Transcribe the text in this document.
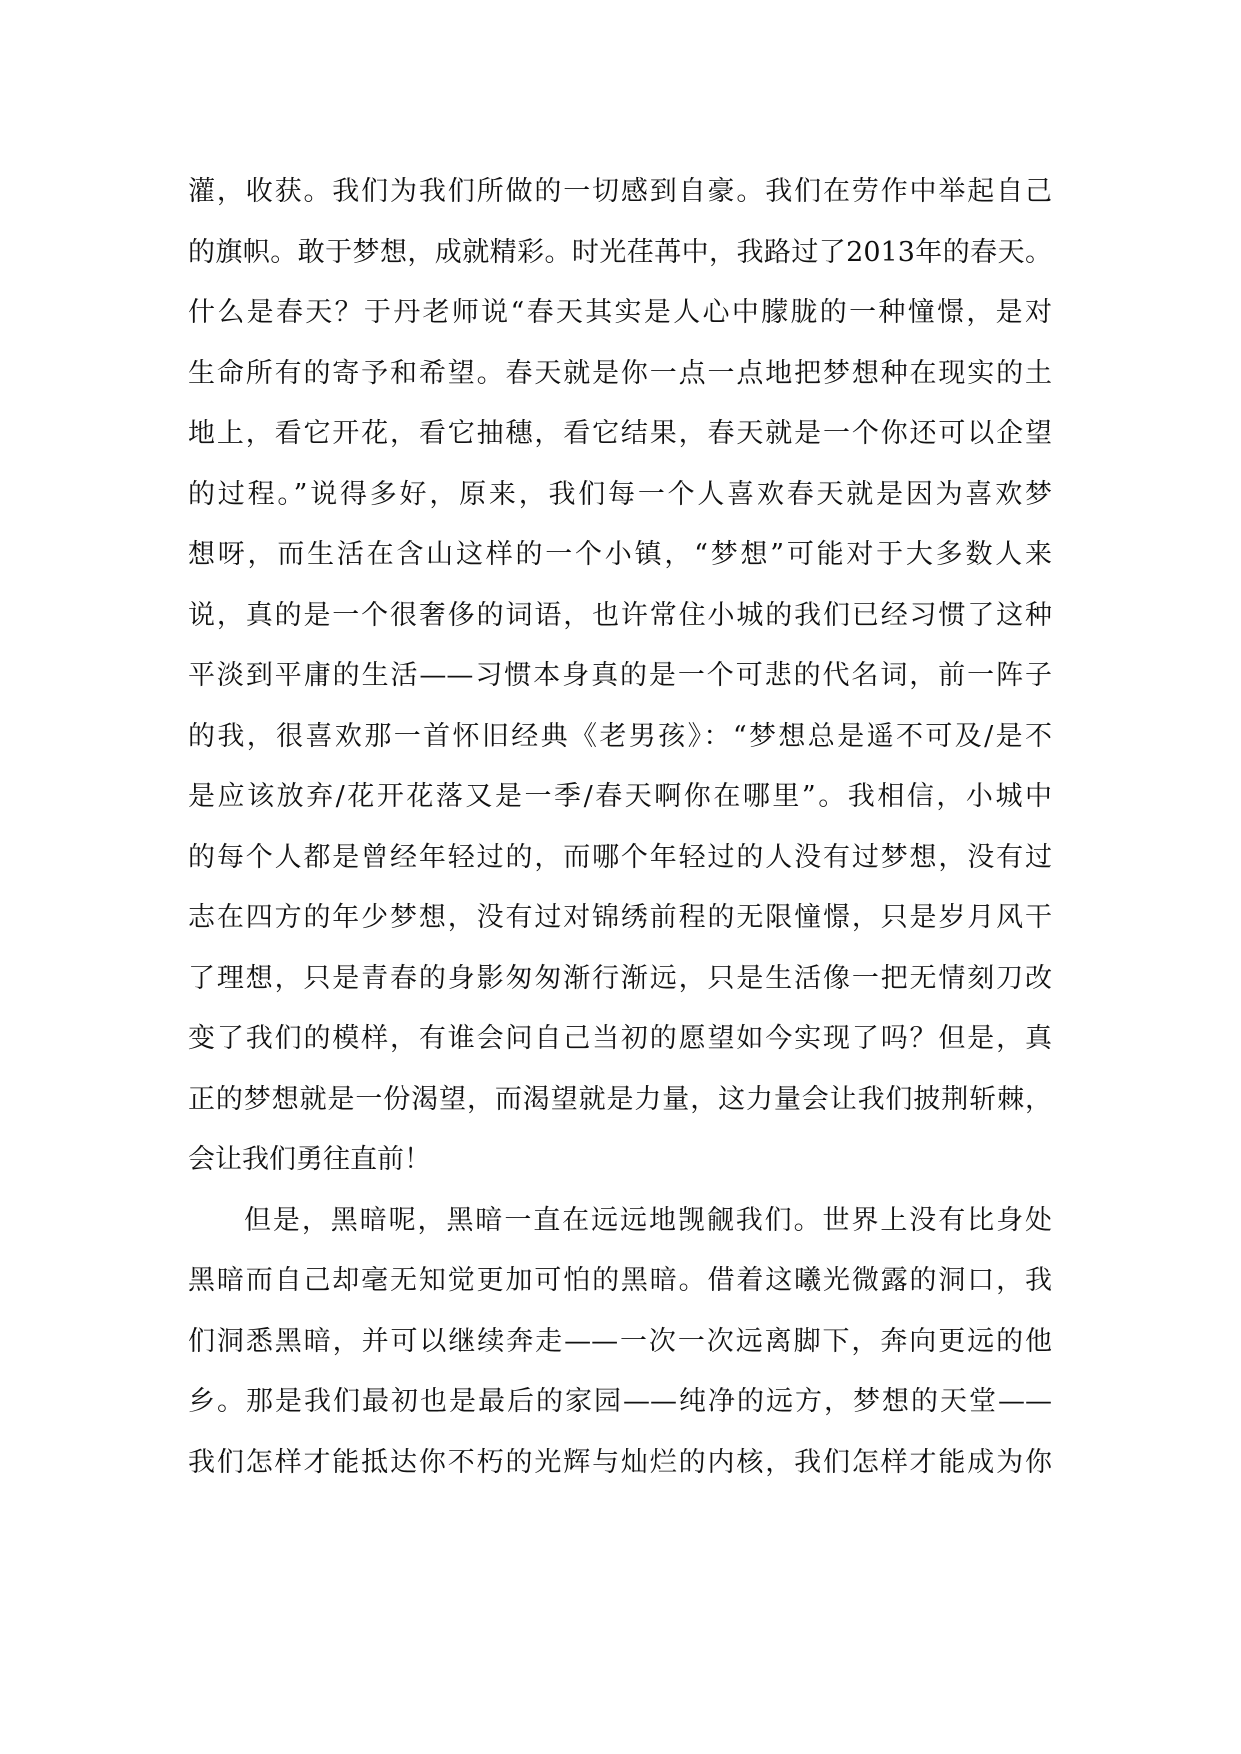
灌，收获。我们为我们所做的一切感到自豪。我们在劳作中举起自己
的旗帜。敢于梦想，成就精彩。时光荏苒中，我路过了2013年的春天。
什么是春天？于丹老师说“春天其实是人心中朦胧的一种憧憬，是对
生命所有的寄予和希望。春天就是你一点一点地把梦想种在现实的土
地上，看它开花，看它抽穗，看它结果，春天就是一个你还可以企望
的过程。”说得多好，原来，我们每一个人喜欢春天就是因为喜欢梦
想呀，而生活在含山这样的一个小镇，“梦想”可能对于大多数人来
说，真的是一个很奢侈的词语，也许常住小城的我们已经习惯了这种
平淡到平庸的生活——习惯本身真的是一个可悲的代名词，前一阵子
的我，很喜欢那一首怀旧经典《老男孩》：“梦想总是遥不可及/是不
是应该放弃/花开花落又是一季/春天啊你在哪里”。我相信，小城中
的每个人都是曾经年轻过的，而哪个年轻过的人没有过梦想，没有过
志在四方的年少梦想，没有过对锦绣前程的无限憧憬，只是岁月风干
了理想，只是青春的身影匆匆渐行渐远，只是生活像一把无情刻刀改
变了我们的模样，有谁会问自己当初的愿望如今实现了吗？但是，真
正的梦想就是一份渴望，而渴望就是力量，这力量会让我们披荆斩棘，
会让我们勇往直前！
但是，黑暗呢，黑暗一直在远远地觊觎我们。世界上没有比身处
黑暗而自己却毫无知觉更加可怕的黑暗。借着这曦光微露的洞口，我
们洞悉黑暗，并可以继续奔走——一次一次远离脚下，奔向更远的他
乡。那是我们最初也是最后的家园——纯净的远方，梦想的天堂——
我们怎样才能抵达你不朽的光辉与灿烂的内核，我们怎样才能成为你
